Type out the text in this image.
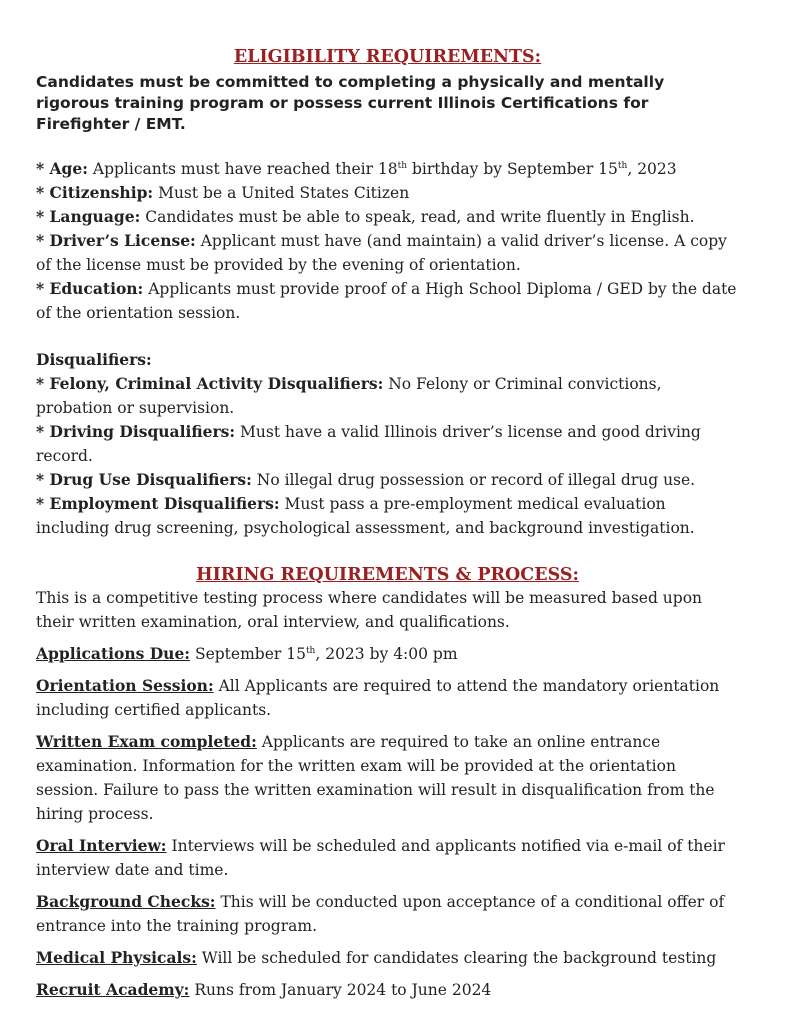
ELIGIBILITY REQUIREMENTS:

Candidates must be committed to completing a physically and mentally rigorous training program or possess current Illinois Certifications for Firefighter / EMT.

* Age: Applicants must have reached their 18th birthday by September 15th, 2023

* Citizenship: Must be a United States Citizen

* Language: Candidates must be able to speak, read, and write fluently in English.

* Driver’s License: Applicant must have (and maintain) a valid driver’s license. A copy of the license must be provided by the evening of orientation.

* Education: Applicants must provide proof of a High School Diploma / GED by the date of the orientation session.

Disqualifiers:

* Felony, Criminal Activity Disqualifiers: No Felony or Criminal convictions, probation or supervision.

* Driving Disqualifiers: Must have a valid Illinois driver’s license and good driving record.

* Drug Use Disqualifiers: No illegal drug possession or record of illegal drug use.

* Employment Disqualifiers: Must pass a pre-employment medical evaluation including drug screening, psychological assessment, and background investigation.

HIRING REQUIREMENTS & PROCESS:

This is a competitive testing process where candidates will be measured based upon their written examination, oral interview, and qualifications.

Applications Due: September 15th, 2023 by 4:00 pm

Orientation Session: All Applicants are required to attend the mandatory orientation including certified applicants.

Written Exam completed: Applicants are required to take an online entrance examination. Information for the written exam will be provided at the orientation session. Failure to pass the written examination will result in disqualification from the hiring process.

Oral Interview: Interviews will be scheduled and applicants notified via e-mail of their interview date and time.

Background Checks: This will be conducted upon acceptance of a conditional offer of entrance into the training program.

Medical Physicals: Will be scheduled for candidates clearing the background testing

Recruit Academy: Runs from January 2024 to June 2024
